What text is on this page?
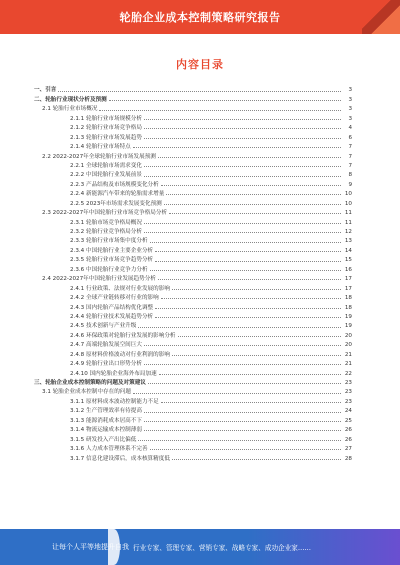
轮胎企业成本控制策略研究报告
内容目录
一、引言	3
二、轮胎行业现状分析及预测	3
2.1 轮胎行业市场概况	3
2.1.1 轮胎行业市场规模分析	3
2.1.2 轮胎行业市场竞争格局	4
2.1.3 轮胎行业市场发展趋势	6
2.1.4 轮胎行业市场特点	7
2.2 2022-2027年全球轮胎行业市场发展预测	7
2.2.1 全球轮胎市场需求变化	7
2.2.2 中国轮胎行业发展前景	8
2.2.3 产品结构及市场规模变化分析	9
2.2.4 新能源汽车带来的轮胎需求增量	10
2.2.5 2023年市场需求发展变化预测	10
2.3 2022-2027年中国轮胎行业市场竞争格局分析	11
2.3.1 轮胎市场竞争格局概况	11
2.3.2 轮胎行业竞争格局分析	12
2.3.3 轮胎行业市场集中度分析	13
2.3.4 中国轮胎行业主要企业分析	14
2.3.5 轮胎行业市场竞争趋势分析	15
2.3.6 中国轮胎行业竞争力分析	16
2.4 2022-2027年中国轮胎行业发展趋势分析	17
2.4.1 行业政策、法规对行业发展的影响	17
2.4.2 全球产业链转移对行业的影响	18
2.4.3 国内轮胎产品结构优化调整	18
2.4.4 轮胎行业技术发展趋势分析	19
2.4.5 技术创新与产业升级	19
2.4.6 环保政策对轮胎行业发展的影响分析	20
2.4.7 高端轮胎发展空间巨大	20
2.4.8 原材料价格波动对行业利润的影响	21
2.4.9 轮胎行业出口形势分析	21
2.4.10 国内轮胎企业海外布局加速	22
三、轮胎企业成本控制策略的问题及对策建议	23
3.1 轮胎企业成本控制中存在的问题	23
3.1.1 原材料成本波动控制能力不足	23
3.1.2 生产管理效率有待提高	24
3.1.3 能源消耗成本居高不下	25
3.1.4 物流运输成本控制薄弱	26
3.1.5 研发投入产出比偏低	26
3.1.6 人力成本管理体系不完善	27
3.1.7 信息化建设滞后，成本核算精度低	28
让每个人平等地提升自我 行业专家、管理专家、营销专家、战略专家、成功企业家……
